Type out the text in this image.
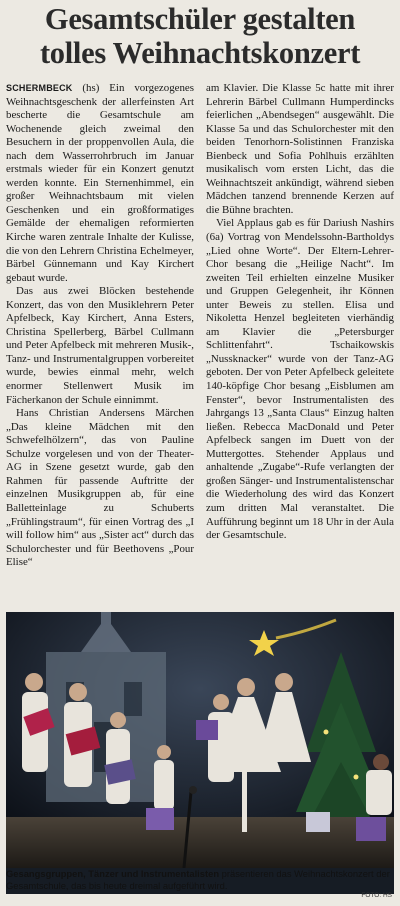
Gesamtschüler gestalten
tolles Weihnachtskonzert

SCHERMBECK (hs) Ein vorgezogenes Weihnachtsgeschenk der allerfeinsten Art bescherte die Gesamtschule am Wochenende gleich zweimal den Besuchern in der proppenvollen Aula, die nach dem Wasserrohrbruch im Januar erstmals wieder für ein Konzert genutzt werden konnte. Ein Sternenhimmel, ein großer Weihnachtsbaum mit vielen Geschenken und ein großformatiges Gemälde der ehemaligen reformierten Kirche waren zentrale Inhalte der Kulisse, die von den Lehrern Christina Echelmeyer, Bärbel Günnemann und Kay Kirchert gebaut wurde.

Das aus zwei Blöcken bestehende Konzert, das von den Musiklehrern Peter Apfelbeck, Kay Kirchert, Anna Esters, Christina Spellerberg, Bärbel Cullmann und Peter Apfelbeck mit mehreren Musik-, Tanz- und Instrumentalgruppen vorbereitet wurde, bewies einmal mehr, welch enormer Stellenwert Musik im Fächerkanon der Schule einnimmt.

Hans Christian Andersens Märchen „Das kleine Mädchen mit den Schwefelhölzern“, das von Pauline Schulze vorgelesen und von der Theater-AG in Szene gesetzt wurde, gab den Rahmen für passende Auftritte der einzelnen Musikgruppen ab, für eine Balletteinlage zu Schuberts „Frühlingstraum“, für einen Vortrag des „I will follow him“ aus „Sister act“ durch das Schulorchester und für Beethovens „Pour Elise“

am Klavier. Die Klasse 5c hatte mit ihrer Lehrerin Bärbel Cullmann Humperdincks feierlichen „Abendsegen“ ausgewählt. Die Klasse 5a und das Schulorchester mit den beiden Tenorhorn-Solistinnen Franziska Bienbeck und Sofia Pohlhuis erzählten musikalisch vom ersten Licht, das die Weihnachtszeit ankündigt, während sieben Mädchen tanzend brennende Kerzen auf die Bühne brachten.

Viel Applaus gab es für Dariush Nashirs (6a) Vortrag von Mendelssohn-Bartholdys „Lied ohne Worte“. Der Eltern-Lehrer-Chor besang die „Heilige Nacht“. Im zweiten Teil erhielten einzelne Musiker und Gruppen Gelegenheit, ihr Können unter Beweis zu stellen. Elisa und Nikoletta Henzel begleiteten vierhändig am Klavier die „Petersburger Schlittenfahrt“. Tschaikowskis „Nussknacker“ wurde von der Tanz-AG geboten. Der von Peter Apfelbeck geleitete 140-köpfige Chor besang „Eisblumen am Fenster“, bevor Instrumentalisten des Jahrgangs 13 „Santa Claus“ Einzug halten ließen. Rebecca MacDonald und Peter Apfelbeck sangen im Duett von der Muttergottes. Stehender Applaus und anhaltende „Zugabe“-Rufe verlangten der großen Sänger- und Instrumentalistenschar die Wiederholung des wird das Konzert zum dritten Mal veranstaltet. Die Aufführung beginnt um 18 Uhr in der Aula der Gesamtschule.

Gesangsgruppen, Tänzer und Instrumentalisten präsentieren das Weihnachtskonzert der Gesamtschule, das bis heute dreimal aufgeführt wird.
FOTO: HS
